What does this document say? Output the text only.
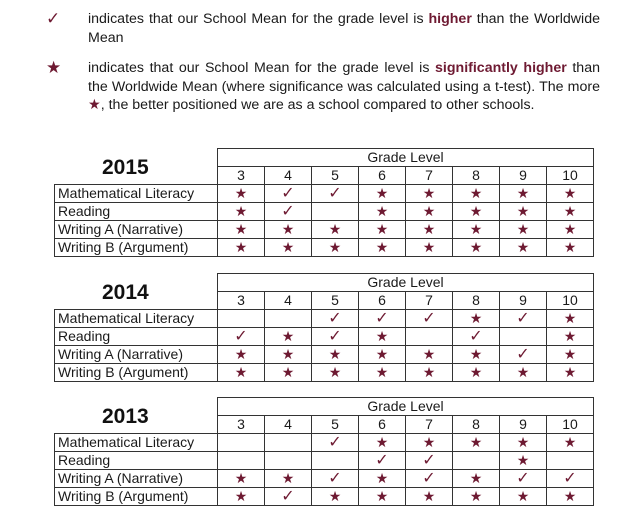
✓ indicates that our School Mean for the grade level is higher than the Worldwide Mean
★ indicates that our School Mean for the grade level is significantly higher than the Worldwide Mean (where significance was calculated using a t-test). The more ★, the better positioned we are as a school compared to other schools.
2015
		Grade Level							
	3	4	5	6	7	8	9	10
Mathematical Literacy	★	✓	✓	★	★	★	★	★
Reading	★	✓		★	★	★	★	★
Writing A (Narrative)	★	★	★	★	★	★	★	★
Writing B (Argument)	★	★	★	★	★	★	★	★
2014
		Grade Level							
	3	4	5	6	7	8	9	10
Mathematical Literacy			✓	✓	✓	★	✓	★
Reading	✓	★	✓	★		✓		★
Writing A (Narrative)	★	★	★	★	★	★	✓	★
Writing B (Argument)	★	★	★	★	★	★	★	★
2013
		Grade Level							
	3	4	5	6	7	8	9	10
Mathematical Literacy			✓	★	★	★	★	★
Reading				✓	✓		★	
Writing A (Narrative)	★	★	✓	★	✓	★	✓	✓
Writing B (Argument)	★	✓	★	★	★	★	★	★
